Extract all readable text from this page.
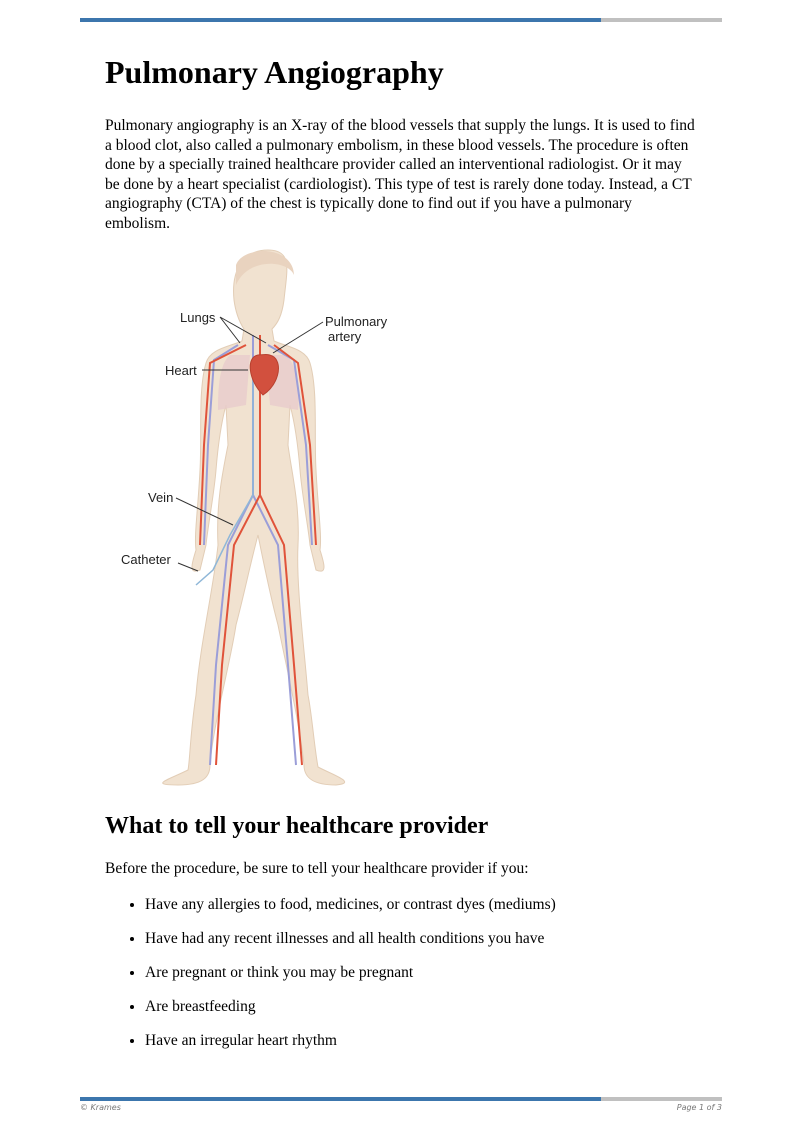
Pulmonary Angiography

Pulmonary angiography is an X-ray of the blood vessels that supply the lungs. It is used to find a blood clot, also called a pulmonary embolism, in these blood vessels. The procedure is often done by a specially trained healthcare provider called an interventional radiologist. Or it may be done by a heart specialist (cardiologist). This type of test is rarely done today. Instead, a CT angiography (CTA) of the chest is typically done to find out if you have a pulmonary embolism.

Lungs	Pulmonary
artery
Heart
Vein
Catheter
What to tell your healthcare provider

Before the procedure, be sure to tell your healthcare provider if you:

• Have any allergies to food, medicines, or contrast dyes (mediums)
• Have had any recent illnesses and all health conditions you have
• Are pregnant or think you may be pregnant
• Are breastfeeding
• Have an irregular heart rhythm
© Krames	Page 1 of 3
